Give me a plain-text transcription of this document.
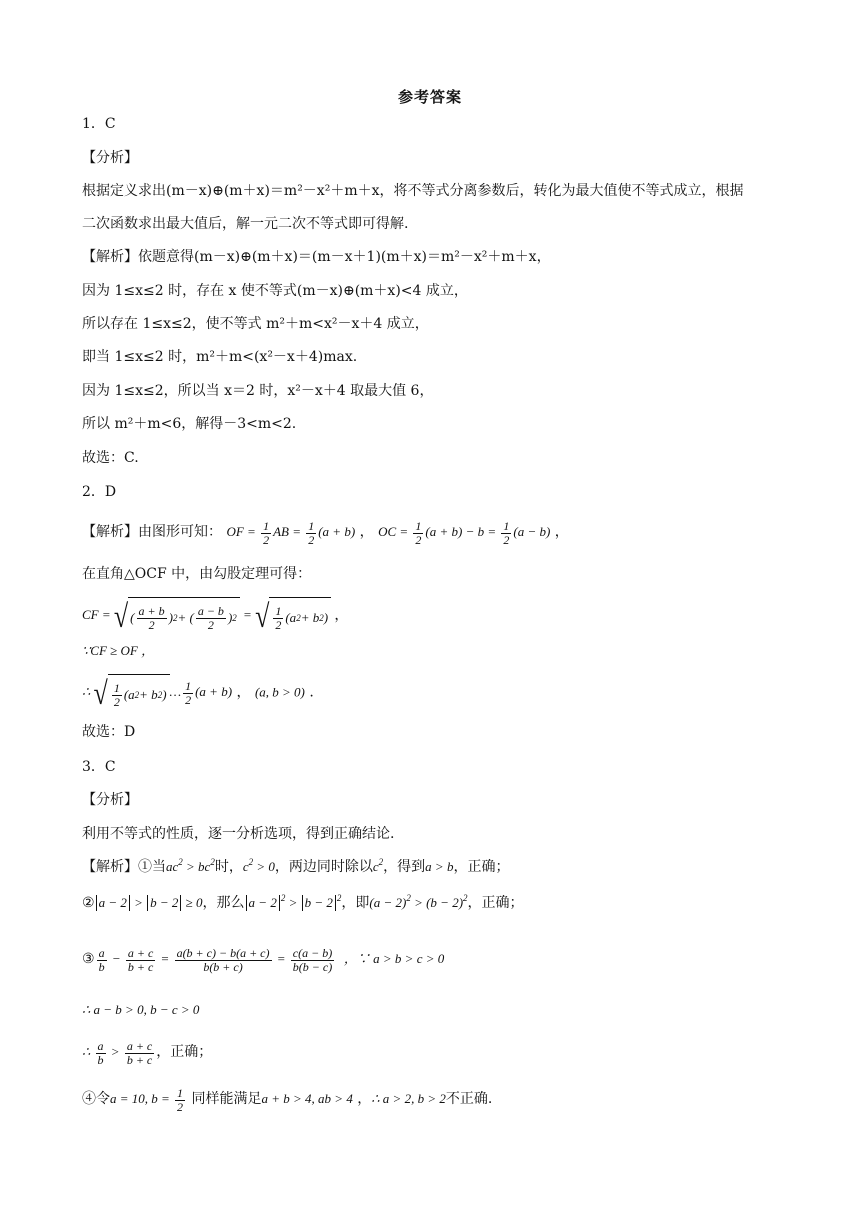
参考答案
1．C
【分析】
根据定义求出(m－x)⊕(m＋x)＝m²－x²＋m＋x，将不等式分离参数后，转化为最大值使不等式成立，根据
二次函数求出最大值后，解一元二次不等式即可得解.
【解析】依题意得(m－x)⊕(m＋x)＝(m－x＋1)(m＋x)＝m²－x²＋m＋x，
因为 1≤x≤2 时，存在 x 使不等式(m－x)⊕(m＋x)<4 成立，
所以存在 1≤x≤2，使不等式 m²＋m<x²－x＋4 成立，
即当 1≤x≤2 时，m²＋m<(x²－x＋4)max.
因为 1≤x≤2，所以当 x＝2 时，x²－x＋4 取最大值 6，
所以 m²＋m<6，解得－3<m<2.
故选：C.
2．D
【解析】由图形可知： OF = $\frac{1}{2}$ AB = $\frac{1}{2} (a + b)$ ， OC = $\frac{1}{2} (a + b) - b = \frac{1}{2} (a - b)$ ，
在直角△OCF 中，由勾股定理可得：
CF = √ ( $\frac{a + b}{2}$ ) 2 + ( $\frac{a - b}{2}$ ) 2 = √ $\frac{1}{2} (a$ 2 + b 2 ) ，
∵CF ≥ OF ，
∴ √ $\frac{1}{2} (a$ 2 + b 2 ) … $\frac{1}{2} (a + b)$ ， (a, b > 0) .
故选：D
3．C
【分析】
利用不等式的性质，逐一分析选项，得到正确结论.
【解析】①当$ac^2 > bc^2$时，$c^2 > 0$，两边同时除以$c^2$，得到a > b，正确；
② a − 2 > b − 2 ≥ 0，那么 a − 2 $^2$ > b − 2 $^2$，即$(a - 2)^2 > (b - 2)^2$，正确；
③ $\frac{a}{b} - \frac{a + c}{b + c} = \frac{a(b + c) - b(a + c)}{b(b + c)} = \frac{c(a - b)}{b(b - c)}$ ，∵ a > b > c > 0
∴ a − b > 0, b − c > 0
∴ $\frac{a}{b} > \frac{a + c}{b + c}$ ，正确；
④令a = 10, $b = \frac{1}{2}$ 同样能满足a + b > 4, ab > 4 ，∴ a > 2, b > 2不正确.
